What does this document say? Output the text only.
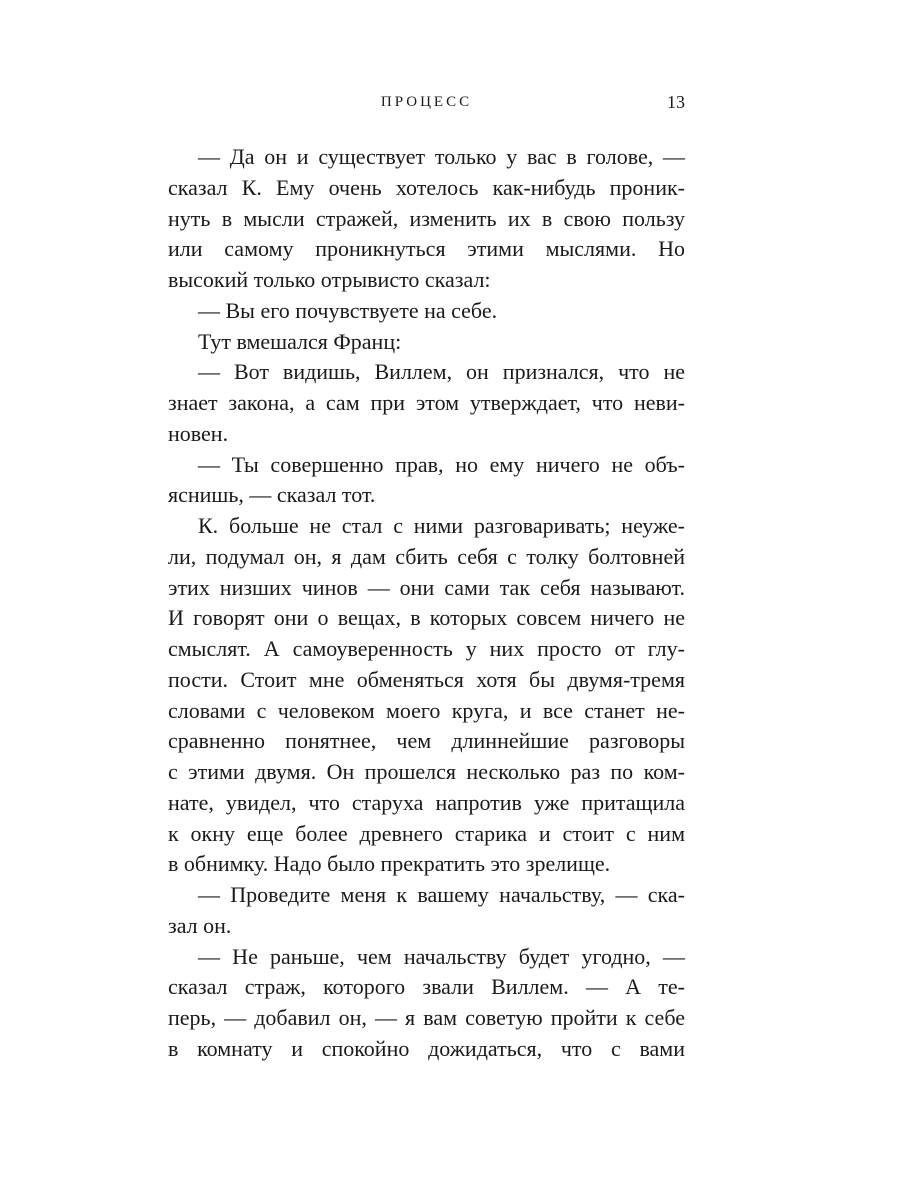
ПРОЦЕСС	13
— Да он и существует только у вас в голове, —
сказал К. Ему очень хотелось как-нибудь проник-
нуть в мысли стражей, изменить их в свою пользу
или самому проникнуться этими мыслями. Но
высокий только отрывисто сказал:
— Вы его почувствуете на себе.
Тут вмешался Франц:
— Вот видишь, Виллем, он признался, что не
знает закона, а сам при этом утверждает, что неви-
новен.
— Ты совершенно прав, но ему ничего не объ-
яснишь, — сказал тот.
К. больше не стал с ними разговаривать; неуже-
ли, подумал он, я дам сбить себя с толку болтовней
этих низших чинов — они сами так себя называют.
И говорят они о вещах, в которых совсем ничего не
смыслят. А самоуверенность у них просто от глу-
пости. Стоит мне обменяться хотя бы двумя-тремя
словами с человеком моего круга, и все станет не-
сравненно понятнее, чем длиннейшие разговоры
с этими двумя. Он прошелся несколько раз по ком-
нате, увидел, что старуха напротив уже притащила
к окну еще более древнего старика и стоит с ним
в обнимку. Надо было прекратить это зрелище.
— Проведите меня к вашему начальству, — ска-
зал он.
— Не раньше, чем начальству будет угодно, —
сказал страж, которого звали Виллем. — А те-
перь, — добавил он, — я вам советую пройти к себе
в комнату и спокойно дожидаться, что с вами
